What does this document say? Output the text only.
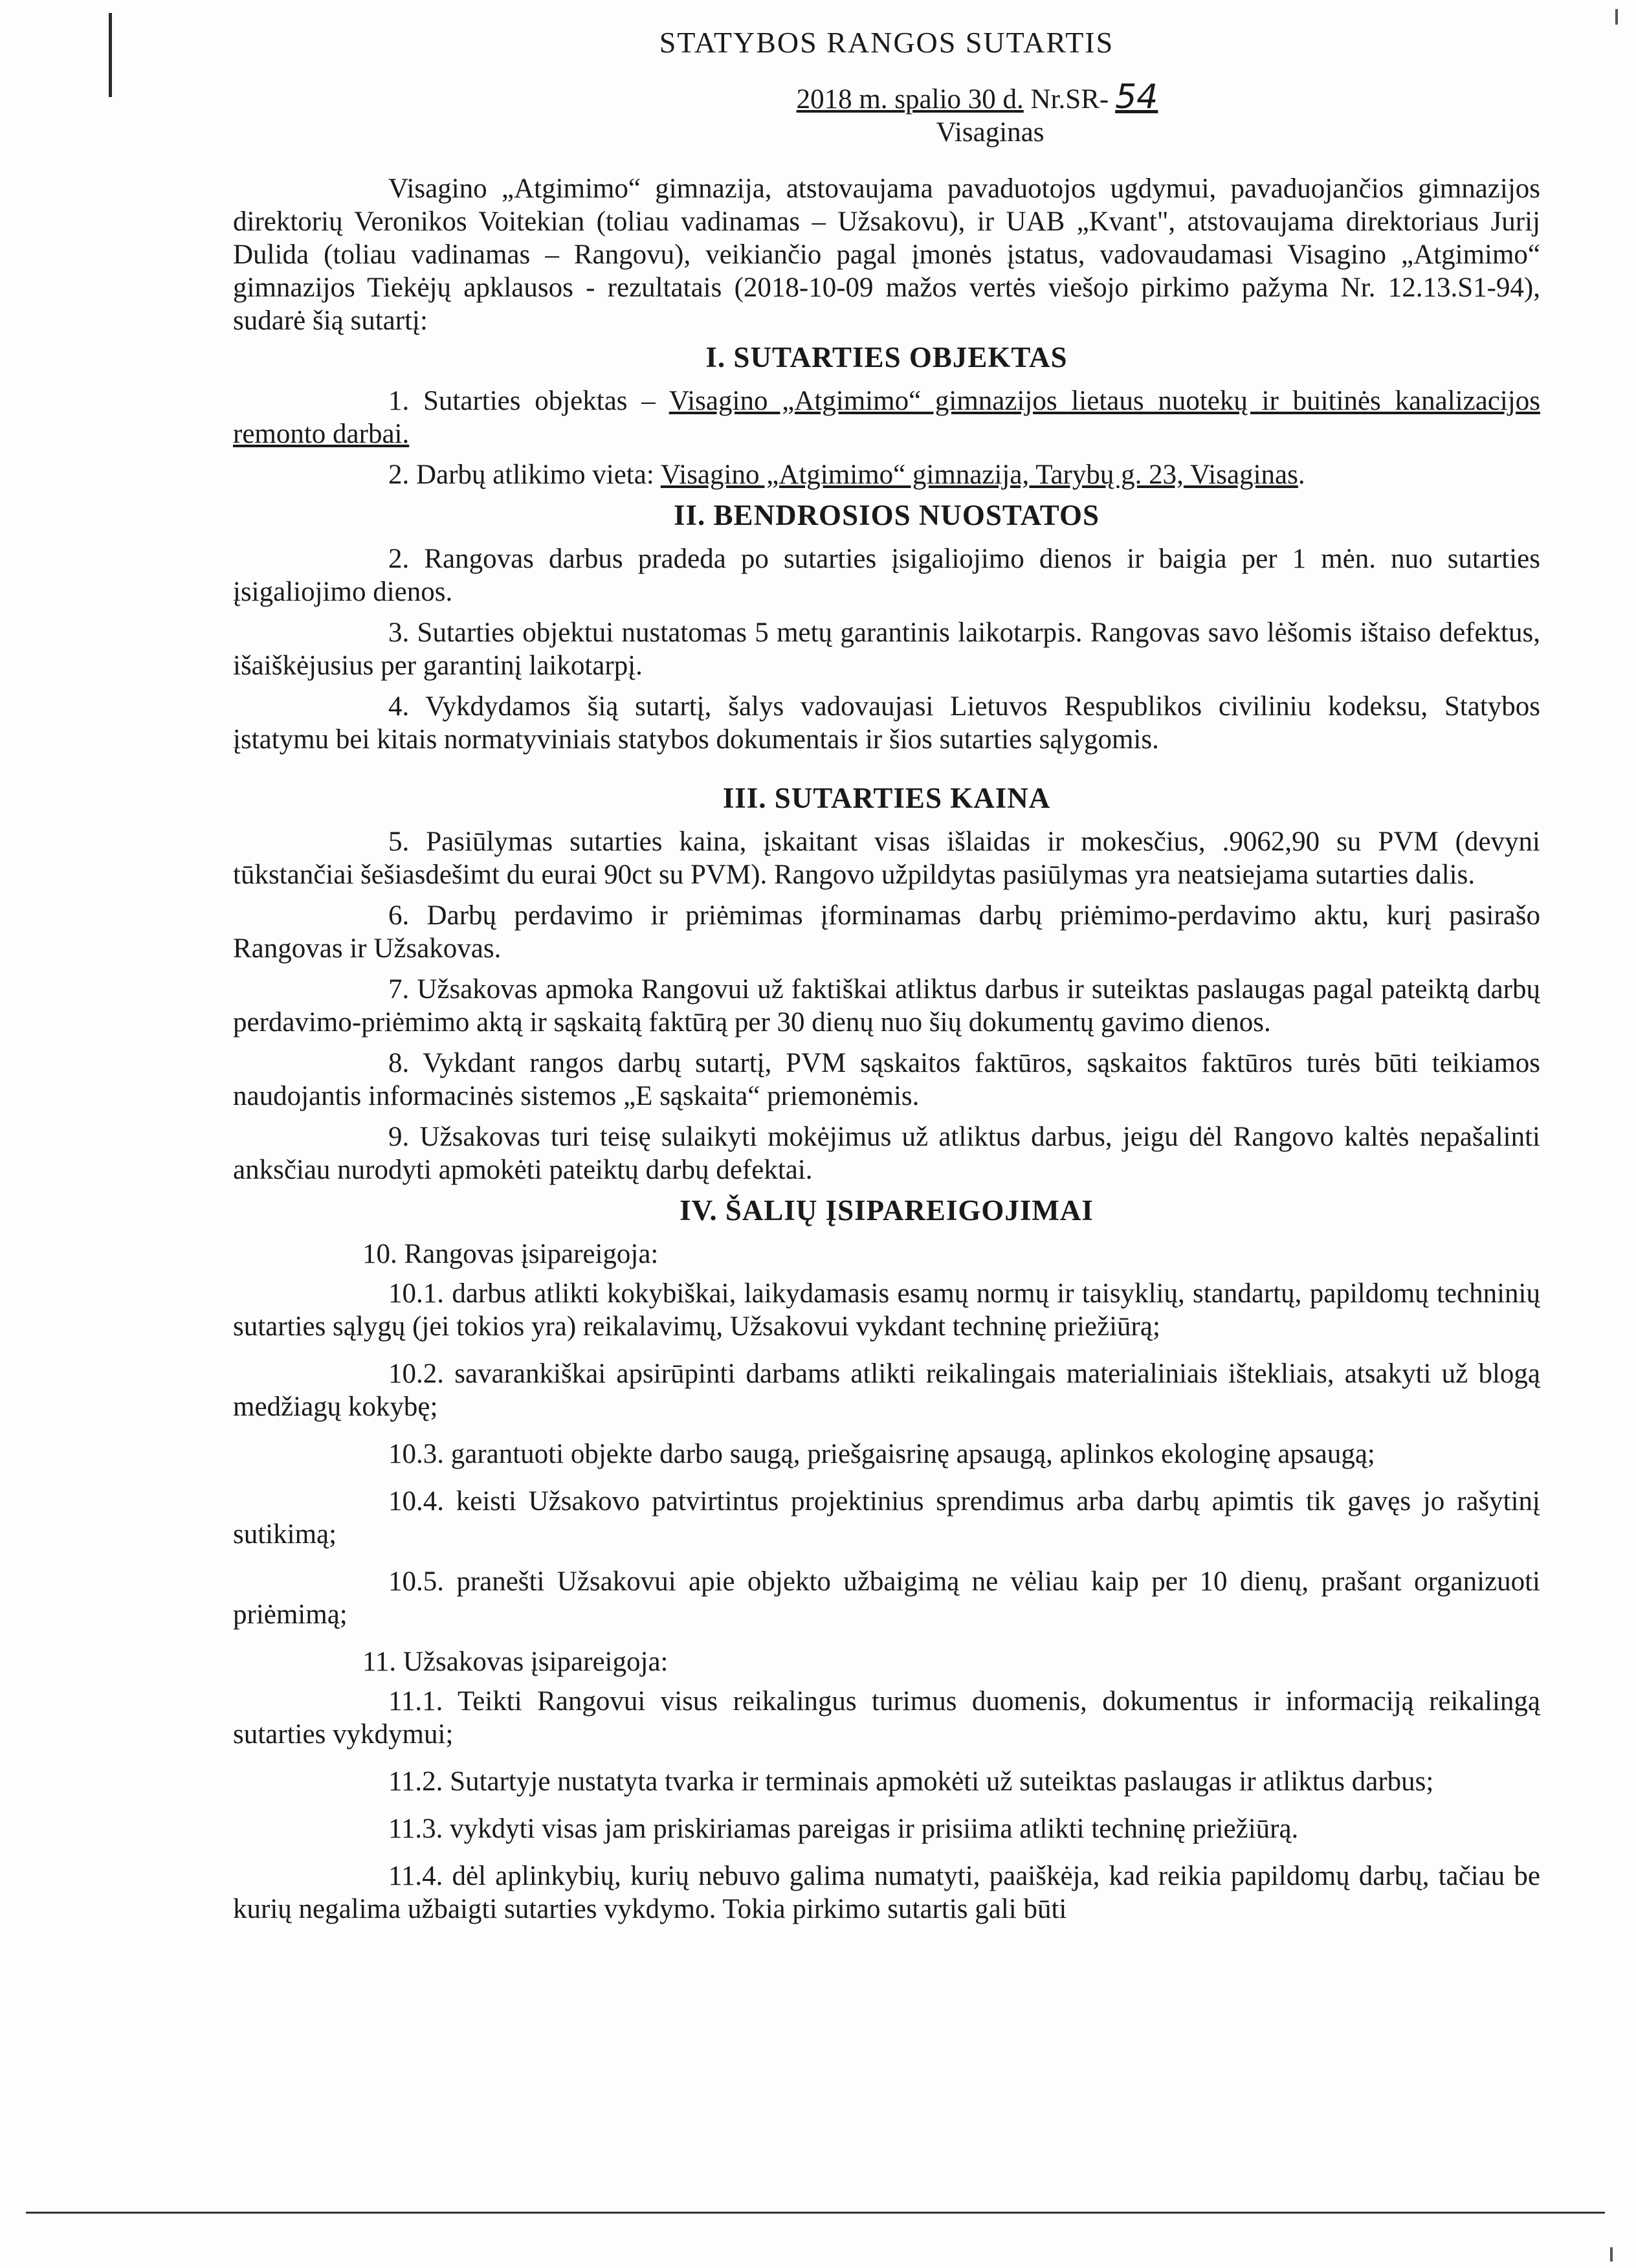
STATYBOS RANGOS SUTARTIS

2018 m. spalio 30 d. Nr.SR- 54

Visaginas

Visagino „Atgimimo“ gimnazija, atstovaujama pavaduotojos ugdymui, pavaduojančios gimnazijos direktorių Veronikos Voitekian (toliau vadinamas – Užsakovu), ir UAB „Kvant", atstovaujama direktoriaus Jurij Dulida (toliau vadinamas – Rangovu), veikiančio pagal įmonės įstatus, vadovaudamasi Visagino „Atgimimo“ gimnazijos Tiekėjų apklausos - rezultatais (2018-10-09 mažos vertės viešojo pirkimo pažyma Nr. 12.13.S1-94), sudarė šią sutartį:

I. SUTARTIES OBJEKTAS

1. Sutarties objektas – Visagino „Atgimimo“ gimnazijos lietaus nuotekų ir buitinės kanalizacijos remonto darbai.

2. Darbų atlikimo vieta: Visagino „Atgimimo“ gimnazija, Tarybų g. 23, Visaginas.

II. BENDROSIOS NUOSTATOS

2. Rangovas darbus pradeda po sutarties įsigaliojimo dienos ir baigia per 1 mėn. nuo sutarties įsigaliojimo dienos.

3. Sutarties objektui nustatomas 5 metų garantinis laikotarpis. Rangovas savo lėšomis ištaiso defektus, išaiškėjusius per garantinį laikotarpį.

4. Vykdydamos šią sutartį, šalys vadovaujasi Lietuvos Respublikos civiliniu kodeksu, Statybos įstatymu bei kitais normatyviniais statybos dokumentais ir šios sutarties sąlygomis.

III. SUTARTIES KAINA

5. Pasiūlymas sutarties kaina, įskaitant visas išlaidas ir mokesčius, .9062,90 su PVM (devyni tūkstančiai šešiasdešimt du eurai 90ct su PVM). Rangovo užpildytas pasiūlymas yra neatsiejama sutarties dalis.

6. Darbų perdavimo ir priėmimas įforminamas darbų priėmimo-perdavimo aktu, kurį pasirašo Rangovas ir Užsakovas.

7. Užsakovas apmoka Rangovui už faktiškai atliktus darbus ir suteiktas paslaugas pagal pateiktą darbų perdavimo-priėmimo aktą ir sąskaitą faktūrą per 30 dienų nuo šių dokumentų gavimo dienos.

8. Vykdant rangos darbų sutartį, PVM sąskaitos faktūros, sąskaitos faktūros turės būti teikiamos naudojantis informacinės sistemos „E sąskaita“ priemonėmis.

9. Užsakovas turi teisę sulaikyti mokėjimus už atliktus darbus, jeigu dėl Rangovo kaltės nepašalinti anksčiau nurodyti apmokėti pateiktų darbų defektai.

IV. ŠALIŲ ĮSIPAREIGOJIMAI

10. Rangovas įsipareigoja:

10.1. darbus atlikti kokybiškai, laikydamasis esamų normų ir taisyklių, standartų, papildomų techninių sutarties sąlygų (jei tokios yra) reikalavimų, Užsakovui vykdant techninę priežiūrą;

10.2. savarankiškai apsirūpinti darbams atlikti reikalingais materialiniais ištekliais, atsakyti už blogą medžiagų kokybę;

10.3. garantuoti objekte darbo saugą, priešgaisrinę apsaugą, aplinkos ekologinę apsaugą;

10.4. keisti Užsakovo patvirtintus projektinius sprendimus arba darbų apimtis tik gavęs jo rašytinį sutikimą;

10.5. pranešti Užsakovui apie objekto užbaigimą ne vėliau kaip per 10 dienų, prašant organizuoti priėmimą;

11. Užsakovas įsipareigoja:

11.1. Teikti Rangovui visus reikalingus turimus duomenis, dokumentus ir informaciją reikalingą sutarties vykdymui;

11.2. Sutartyje nustatyta tvarka ir terminais apmokėti už suteiktas paslaugas ir atliktus darbus;

11.3. vykdyti visas jam priskiriamas pareigas ir prisiima atlikti techninę priežiūrą.

11.4. dėl aplinkybių, kurių nebuvo galima numatyti, paaiškėja, kad reikia papildomų darbų, tačiau be kurių negalima užbaigti sutarties vykdymo. Tokia pirkimo sutartis gali būti
